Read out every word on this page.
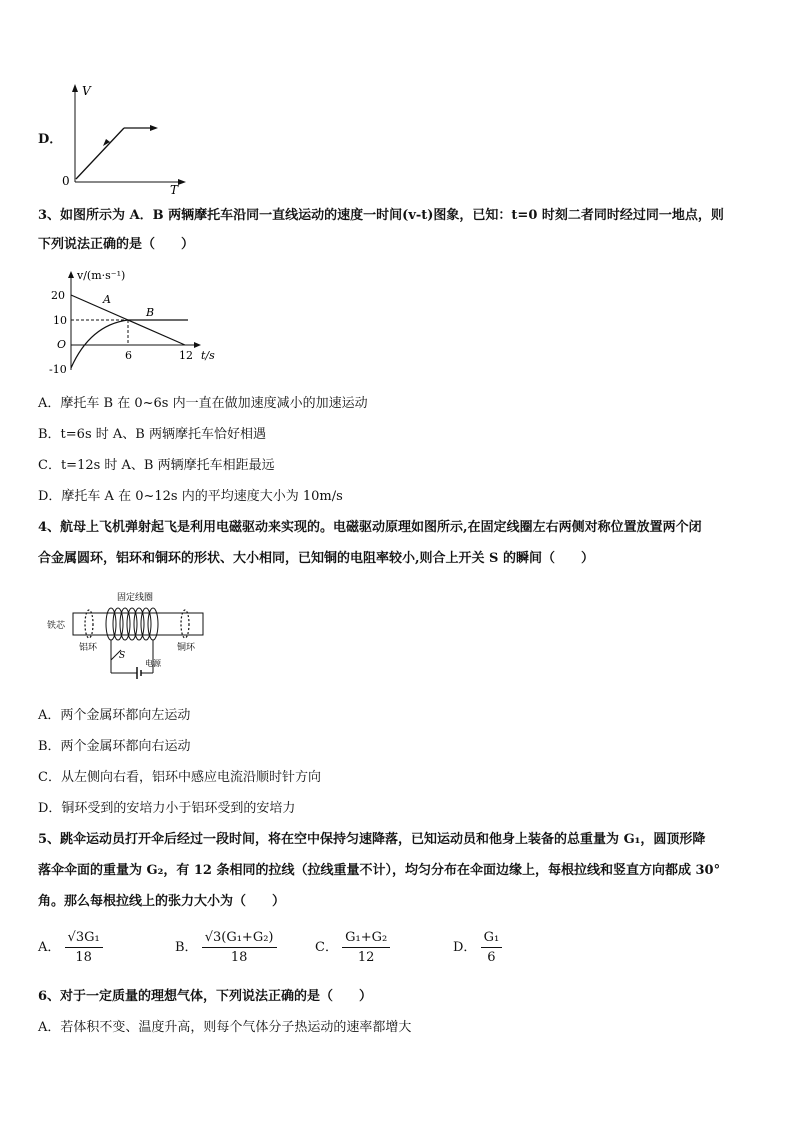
D．
V
0
T
3、如图所示为 A．B 两辆摩托车沿同一直线运动的速度一时间(v-t)图象，已知：t=0 时刻二者同时经过同一地点，则
下列说法正确的是（　　）
v/(m·s⁻¹)
20
10
O
-10
6	12 t/s
A
B
A．摩托车 B 在 0~6s 内一直在做加速度减小的加速运动
B．t=6s 时 A、B 两辆摩托车恰好相遇
C．t=12s 时 A、B 两辆摩托车相距最远
D．摩托车 A 在 0~12s 内的平均速度大小为 10m/s
4、航母上飞机弹射起飞是利用电磁驱动来实现的。电磁驱动原理如图所示,在固定线圈左右两侧对称位置放置两个闭
合金属圆环，铝环和铜环的形状、大小相同，已知铜的电阻率较小,则合上开关 S 的瞬间（　　）
固定线圈
铁芯
铝环	铜环
S
电源
A．两个金属环都向左运动
B．两个金属环都向右运动
C．从左侧向右看，铝环中感应电流沿顺时针方向
D．铜环受到的安培力小于铝环受到的安培力
5、跳伞运动员打开伞后经过一段时间，将在空中保持匀速降落，已知运动员和他身上装备的总重量为 G₁，圆顶形降
落伞伞面的重量为 G₂，有 12 条相同的拉线（拉线重量不计），均匀分布在伞面边缘上，每根拉线和竖直方向都成 30°
角。那么每根拉线上的张力大小为（　　）
A． $\frac{\text{√3G₁}}{18}$	B． $\frac{\text{√3(G₁+G₂)}}{18}$	C． $\frac{\text{G₁+G₂}}{12}$	D． $\frac{\text{G₁}}{6}$
6、对于一定质量的理想气体，下列说法正确的是（　　）
A．若体积不变、温度升高，则每个气体分子热运动的速率都增大
